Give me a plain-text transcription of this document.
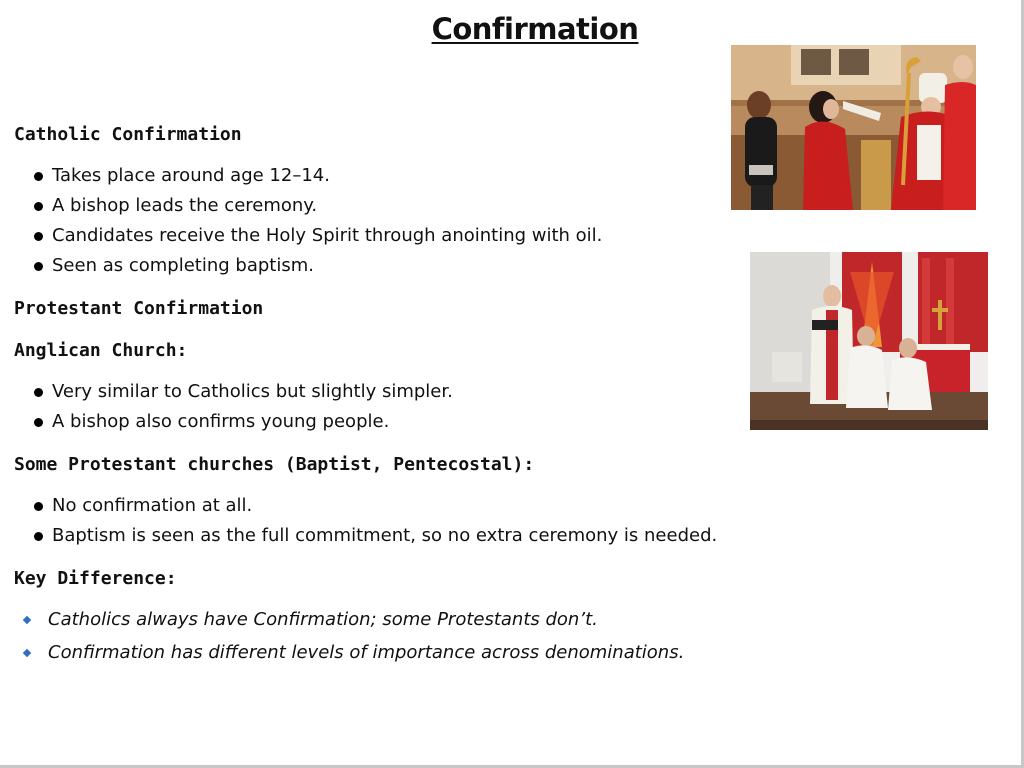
Confirmation
Catholic Confirmation
Takes place around age 12–14.
A bishop leads the ceremony.
Candidates receive the Holy Spirit through anointing with oil.
Seen as completing baptism.
Protestant Confirmation
Anglican Church:
Very similar to Catholics but slightly simpler.
A bishop also confirms young people.
Some Protestant churches (Baptist, Pentecostal):
No confirmation at all.
Baptism is seen as the full commitment, so no extra ceremony is needed.
Key Difference:
Catholics always have Confirmation; some Protestants don’t.
Confirmation has different levels of importance across denominations.
